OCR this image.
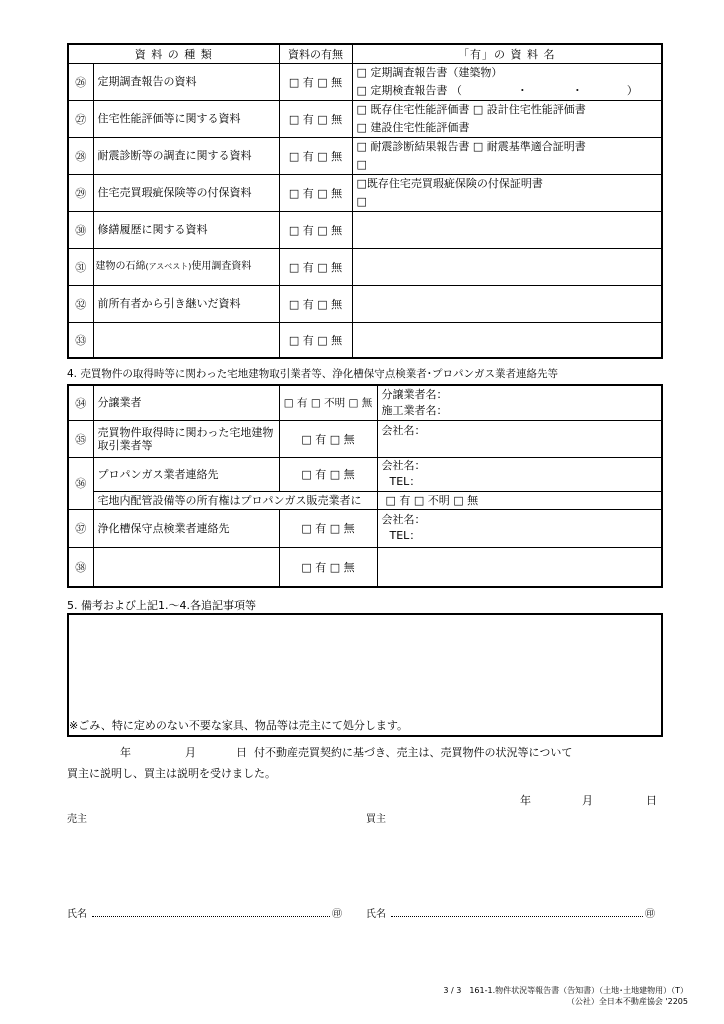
資 料 の 種 類		資料の有無	「有」の 資 料 名
㉖	定期調査報告の資料	□ 有 □ 無	□ 定期調査報告書（建築物）
□ 定期検査報告書 （　　　　　・　　　　・　　　　）

㉗	住宅性能評価等に関する資料	□ 有 □ 無	□ 既存住宅性能評価書 □ 設計住宅性能評価書
□ 建設住宅性能評価書

㉘	耐震診断等の調査に関する資料	□ 有 □ 無	□ 耐震診断結果報告書 □ 耐震基準適合証明書
□

㉙	住宅売買瑕疵保険等の付保資料	□ 有 □ 無	□既存住宅売買瑕疵保険の付保証明書
□

㉚	修繕履歴に関する資料	□ 有 □ 無	
㉛	建物の石綿(アスベスト)使用調査資料	□ 有 □ 無	
㉜	前所有者から引き継いだ資料	□ 有 □ 無	
㉝		□ 有 □ 無	
4. 売買物件の取得時等に関わった宅地建物取引業者等、浄化槽保守点検業者･プロパンガス業者連絡先等
㉞	分譲業者	□ 有 □ 不明 □ 無	分譲業者名：
施工業者名：

㉟	売買物件取得時に関わった宅地建物取引業者等	□ 有 □ 無	会社名：

㊱	プロパンガス業者連絡先	□ 有 □ 無	会社名：
TEL：

	宅地内配管設備等の所有権はプロパンガス販売業者に		□ 有 □ 不明 □ 無
㊲	浄化槽保守点検業者連絡先	□ 有 □ 無	会社名：
TEL：

㊳		□ 有 □ 無	
5. 備考および上記1.～4.各追記事項等
※ごみ、特に定めのない不要な家具、物品等は売主にて処分します。
年	月	日 付不動産売買契約に基づき、売主は、売買物件の状況等について
買主に説明し、買主は説明を受けました。
年	月	日
売主	買主
氏名	㊞ 氏名	㊞
3 / 3　161-1.物件状況等報告書（告知書）（土地･土地建物用）（T）
（公社）全日本不動産協会 '2205
